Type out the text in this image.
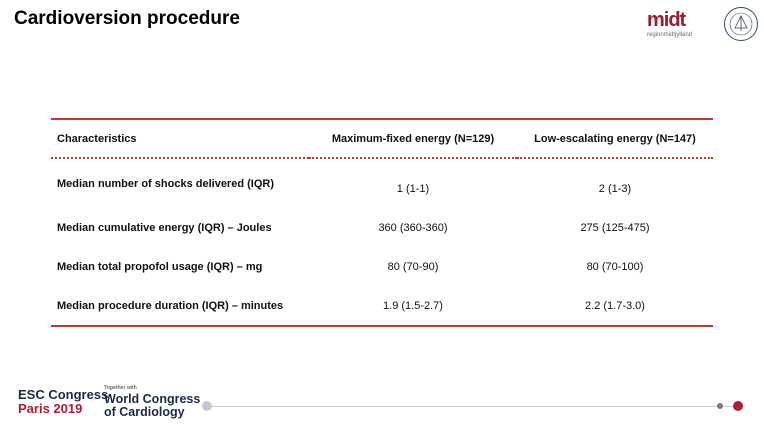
Cardioversion procedure	midt
regionmidtjylland
Characteristics	Maximum-fixed energy (N=129)	Low-escalating energy (N=147)
Median number of shocks delivered (IQR)	1 (1-1)	2 (1-3)
Median cumulative energy (IQR) – Joules	360 (360-360)	275 (125-475)
Median total propofol usage (IQR) – mg	80 (70-90)	80 (70-100)
Median procedure duration (IQR) – minutes	1.9 (1.5-2.7)	2.2 (1.7-3.0)
ESC Congress
Paris 2019
Together with
World Congress
of Cardiology
